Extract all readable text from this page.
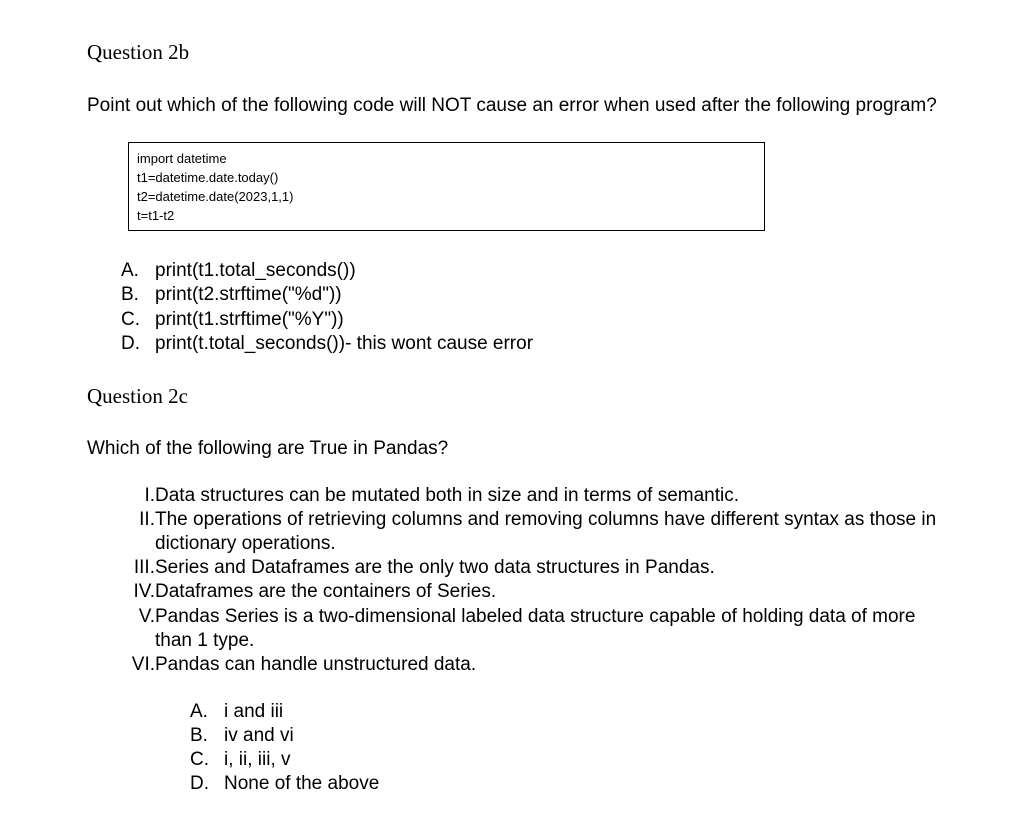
Question 2b
Point out which of the following code will NOT cause an error when used after the following program?
import datetime
t1=datetime.date.today()
t2=datetime.date(2023,1,1)
t=t1-t2
A. print(t1.total_seconds())
B. print(t2.strftime("%d"))
C. print(t1.strftime("%Y"))
D. print(t.total_seconds())- this wont cause error
Question 2c
Which of the following are True in Pandas?
I. Data structures can be mutated both in size and in terms of semantic.
II. The operations of retrieving columns and removing columns have different syntax as those in dictionary operations.
III. Series and Dataframes are the only two data structures in Pandas.
IV. Dataframes are the containers of Series.
V. Pandas Series is a two-dimensional labeled data structure capable of holding data of more than 1 type.
VI. Pandas can handle unstructured data.
A. i and iii
B. iv and vi
C. i, ii, iii, v
D. None of the above
